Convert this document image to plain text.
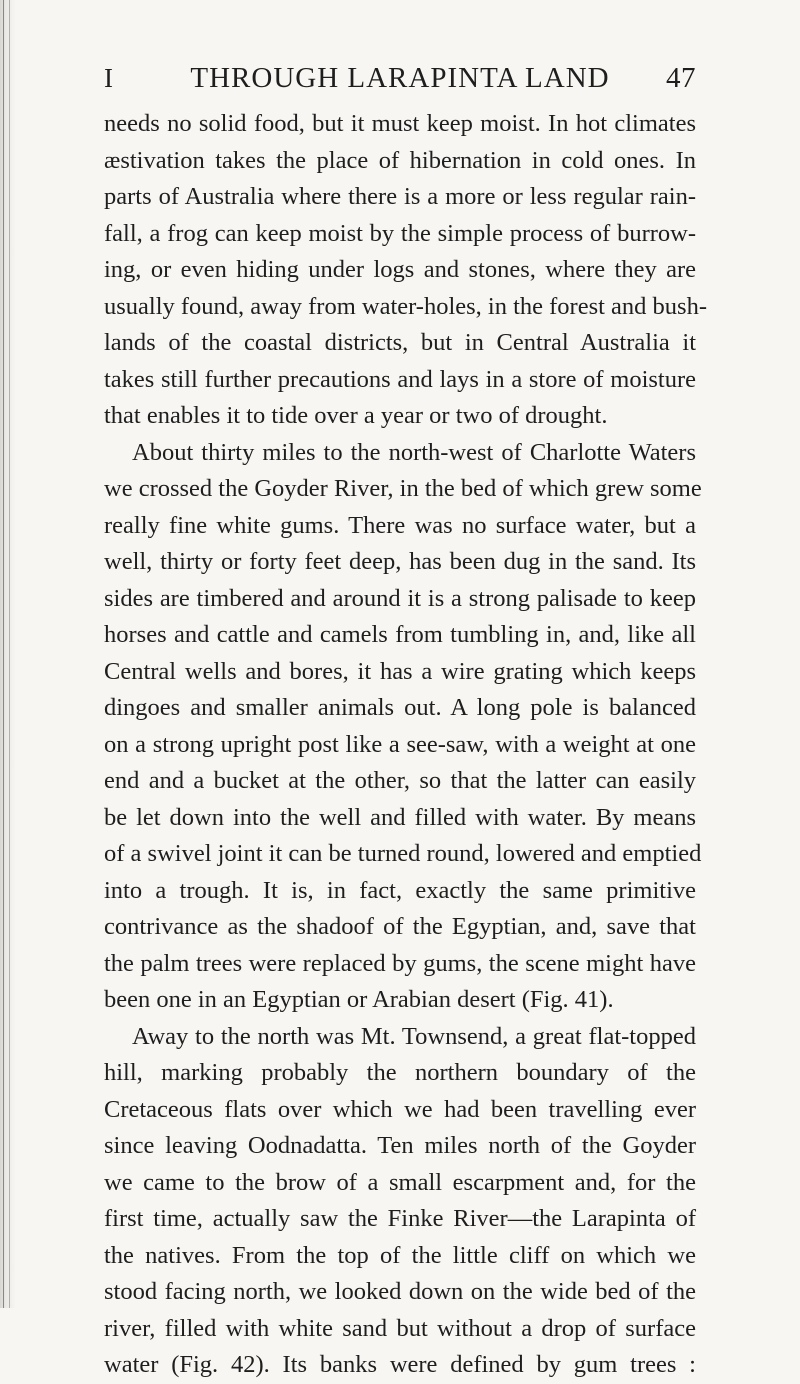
I	THROUGH LARAPINTA LAND	47
needs no solid food, but it must keep moist. In hot climates
æstivation takes the place of hibernation in cold ones. In
parts of Australia where there is a more or less regular rain-
fall, a frog can keep moist by the simple process of burrow-
ing, or even hiding under logs and stones, where they are
usually found, away from water-holes, in the forest and bush-
lands of the coastal districts, but in Central Australia it
takes still further precautions and lays in a store of moisture
that enables it to tide over a year or two of drought.
About thirty miles to the north-west of Charlotte Waters
we crossed the Goyder River, in the bed of which grew some
really fine white gums. There was no surface water, but a
well, thirty or forty feet deep, has been dug in the sand. Its
sides are timbered and around it is a strong palisade to keep
horses and cattle and camels from tumbling in, and, like all
Central wells and bores, it has a wire grating which keeps
dingoes and smaller animals out. A long pole is balanced
on a strong upright post like a see-saw, with a weight at one
end and a bucket at the other, so that the latter can easily
be let down into the well and filled with water. By means
of a swivel joint it can be turned round, lowered and emptied
into a trough. It is, in fact, exactly the same primitive
contrivance as the shadoof of the Egyptian, and, save that
the palm trees were replaced by gums, the scene might have
been one in an Egyptian or Arabian desert (Fig. 41).
Away to the north was Mt. Townsend, a great flat-topped
hill, marking probably the northern boundary of the
Cretaceous flats over which we had been travelling ever
since leaving Oodnadatta. Ten miles north of the Goyder
we came to the brow of a small escarpment and, for the
first time, actually saw the Finke River—the Larapinta of
the natives. From the top of the little cliff on which we
stood facing north, we looked down on the wide bed of the
river, filled with white sand but without a drop of surface
water (Fig. 42). Its banks were defined by gum trees :
